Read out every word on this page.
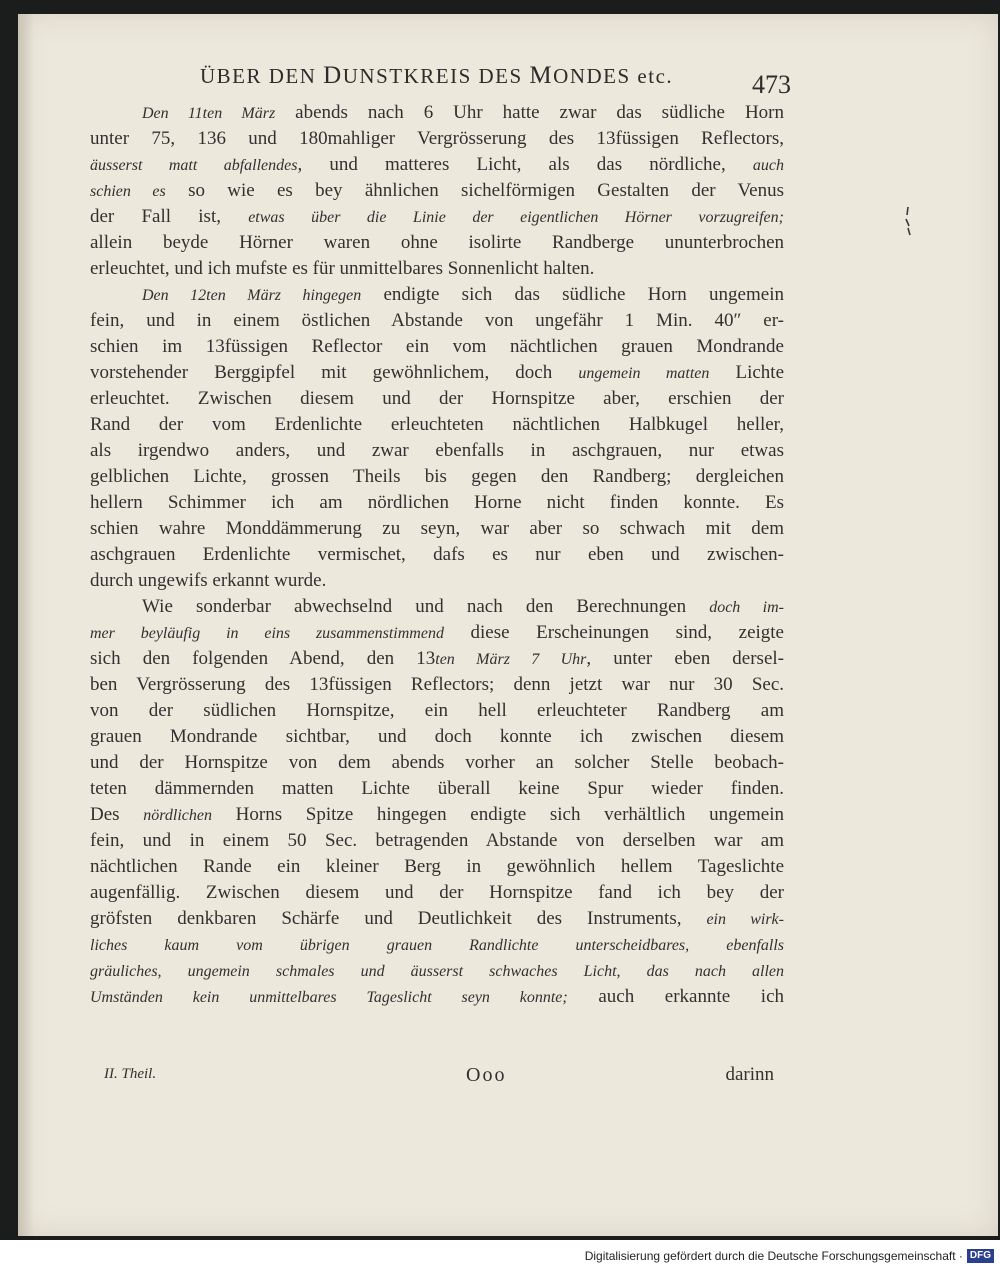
ÜBER DEN DUNSTKREIS DES MONDES etc.	473
Den 11ten März abends nach 6 Uhr hatte zwar das südliche Horn
unter 75, 136 und 180mahliger Vergrösserung des 13füssigen Reflectors,
äusserst matt abfallendes, und matteres Licht, als das nördliche, auch
schien es so wie es bey ähnlichen sichelförmigen Gestalten der Venus
der Fall ist, etwas über die Linie der eigentlichen Hörner vorzugreifen;
allein beyde Hörner waren ohne isolirte Randberge ununterbrochen
erleuchtet, und ich mufste es für unmittelbares Sonnenlicht halten.
Den 12ten März hingegen endigte sich das südliche Horn ungemein
fein, und in einem östlichen Abstande von ungefähr 1 Min. 40″ er-
schien im 13füssigen Reflector ein vom nächtlichen grauen Mondrande
vorstehender Berggipfel mit gewöhnlichem, doch ungemein matten Lichte
erleuchtet. Zwischen diesem und der Hornspitze aber, erschien der
Rand der vom Erdenlichte erleuchteten nächtlichen Halbkugel heller,
als irgendwo anders, und zwar ebenfalls in aschgrauen, nur etwas
gelblichen Lichte, grossen Theils bis gegen den Randberg; dergleichen
hellern Schimmer ich am nördlichen Horne nicht finden konnte. Es
schien wahre Monddämmerung zu seyn, war aber so schwach mit dem
aschgrauen Erdenlichte vermischet, dafs es nur eben und zwischen-
durch ungewifs erkannt wurde.
Wie sonderbar abwechselnd und nach den Berechnungen doch im-
mer beyläufig in eins zusammenstimmend diese Erscheinungen sind, zeigte
sich den folgenden Abend, den 13ten März 7 Uhr, unter eben dersel-
ben Vergrösserung des 13füssigen Reflectors; denn jetzt war nur 30 Sec.
von der südlichen Hornspitze, ein hell erleuchteter Randberg am
grauen Mondrande sichtbar, und doch konnte ich zwischen diesem
und der Hornspitze von dem abends vorher an solcher Stelle beobach-
teten dämmernden matten Lichte überall keine Spur wieder finden.
Des nördlichen Horns Spitze hingegen endigte sich verhältlich ungemein
fein, und in einem 50 Sec. betragenden Abstande von derselben war am
nächtlichen Rande ein kleiner Berg in gewöhnlich hellem Tageslichte
augenfällig. Zwischen diesem und der Hornspitze fand ich bey der
gröfsten denkbaren Schärfe und Deutlichkeit des Instruments, ein wirk-
liches kaum vom übrigen grauen Randlichte unterscheidbares, ebenfalls
gräuliches, ungemein schmales und äusserst schwaches Licht, das nach allen
Umständen kein unmittelbares Tageslicht seyn konnte; auch erkannte ich
II. Theil.	Ooo	darinn
Digitalisierung gefördert durch die Deutsche Forschungsgemeinschaft · DFG
